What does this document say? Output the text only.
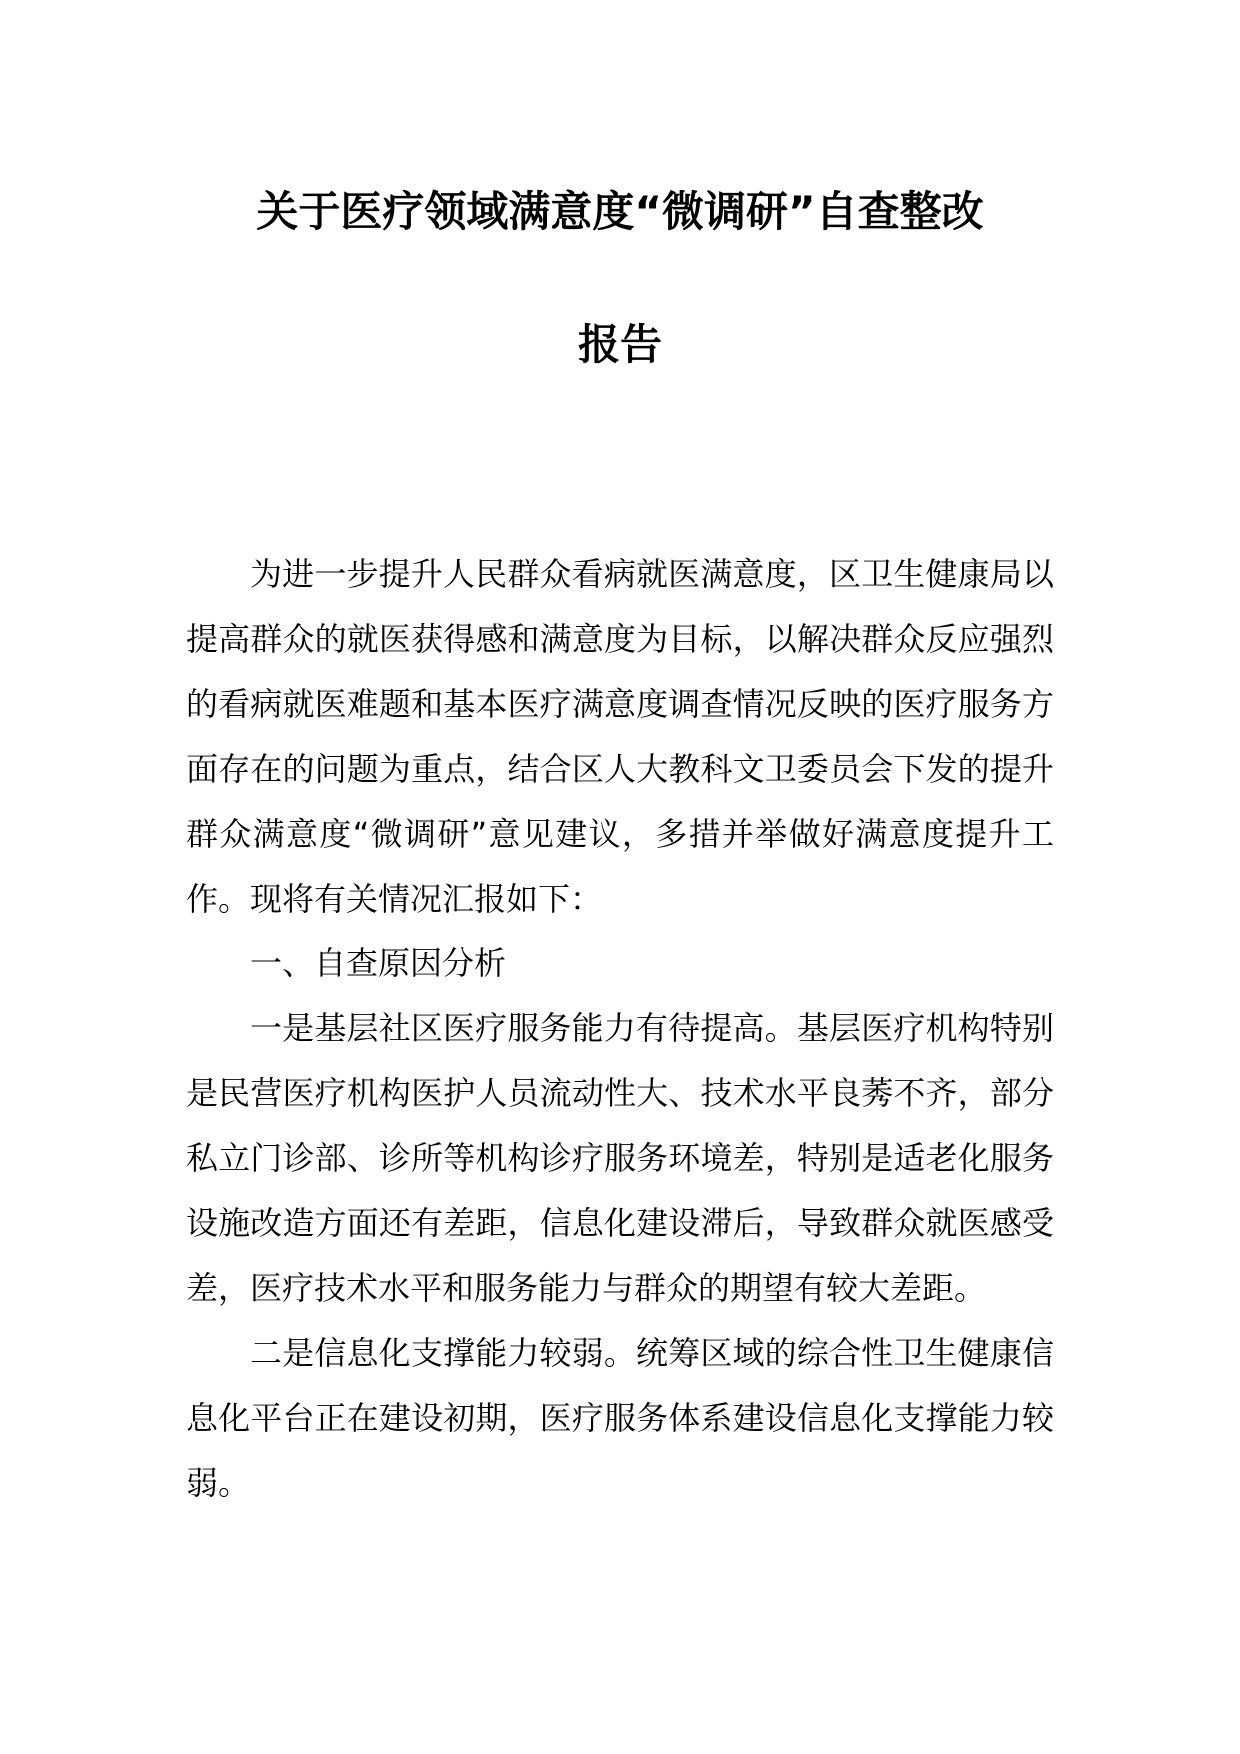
关于医疗领域满意度“微调研”自查整改
报告

为进一步提升人民群众看病就医满意度，区卫生健康局以提高群众的就医获得感和满意度为目标，以解决群众反应强烈的看病就医难题和基本医疗满意度调查情况反映的医疗服务方面存在的问题为重点，结合区人大教科文卫委员会下发的提升群众满意度“微调研”意见建议，多措并举做好满意度提升工作。现将有关情况汇报如下：

一、自查原因分析

一是基层社区医疗服务能力有待提高。基层医疗机构特别是民营医疗机构医护人员流动性大、技术水平良莠不齐，部分私立门诊部、诊所等机构诊疗服务环境差，特别是适老化服务设施改造方面还有差距，信息化建设滞后，导致群众就医感受差，医疗技术水平和服务能力与群众的期望有较大差距。

二是信息化支撑能力较弱。统筹区域的综合性卫生健康信息化平台正在建设初期，医疗服务体系建设信息化支撑能力较弱。
